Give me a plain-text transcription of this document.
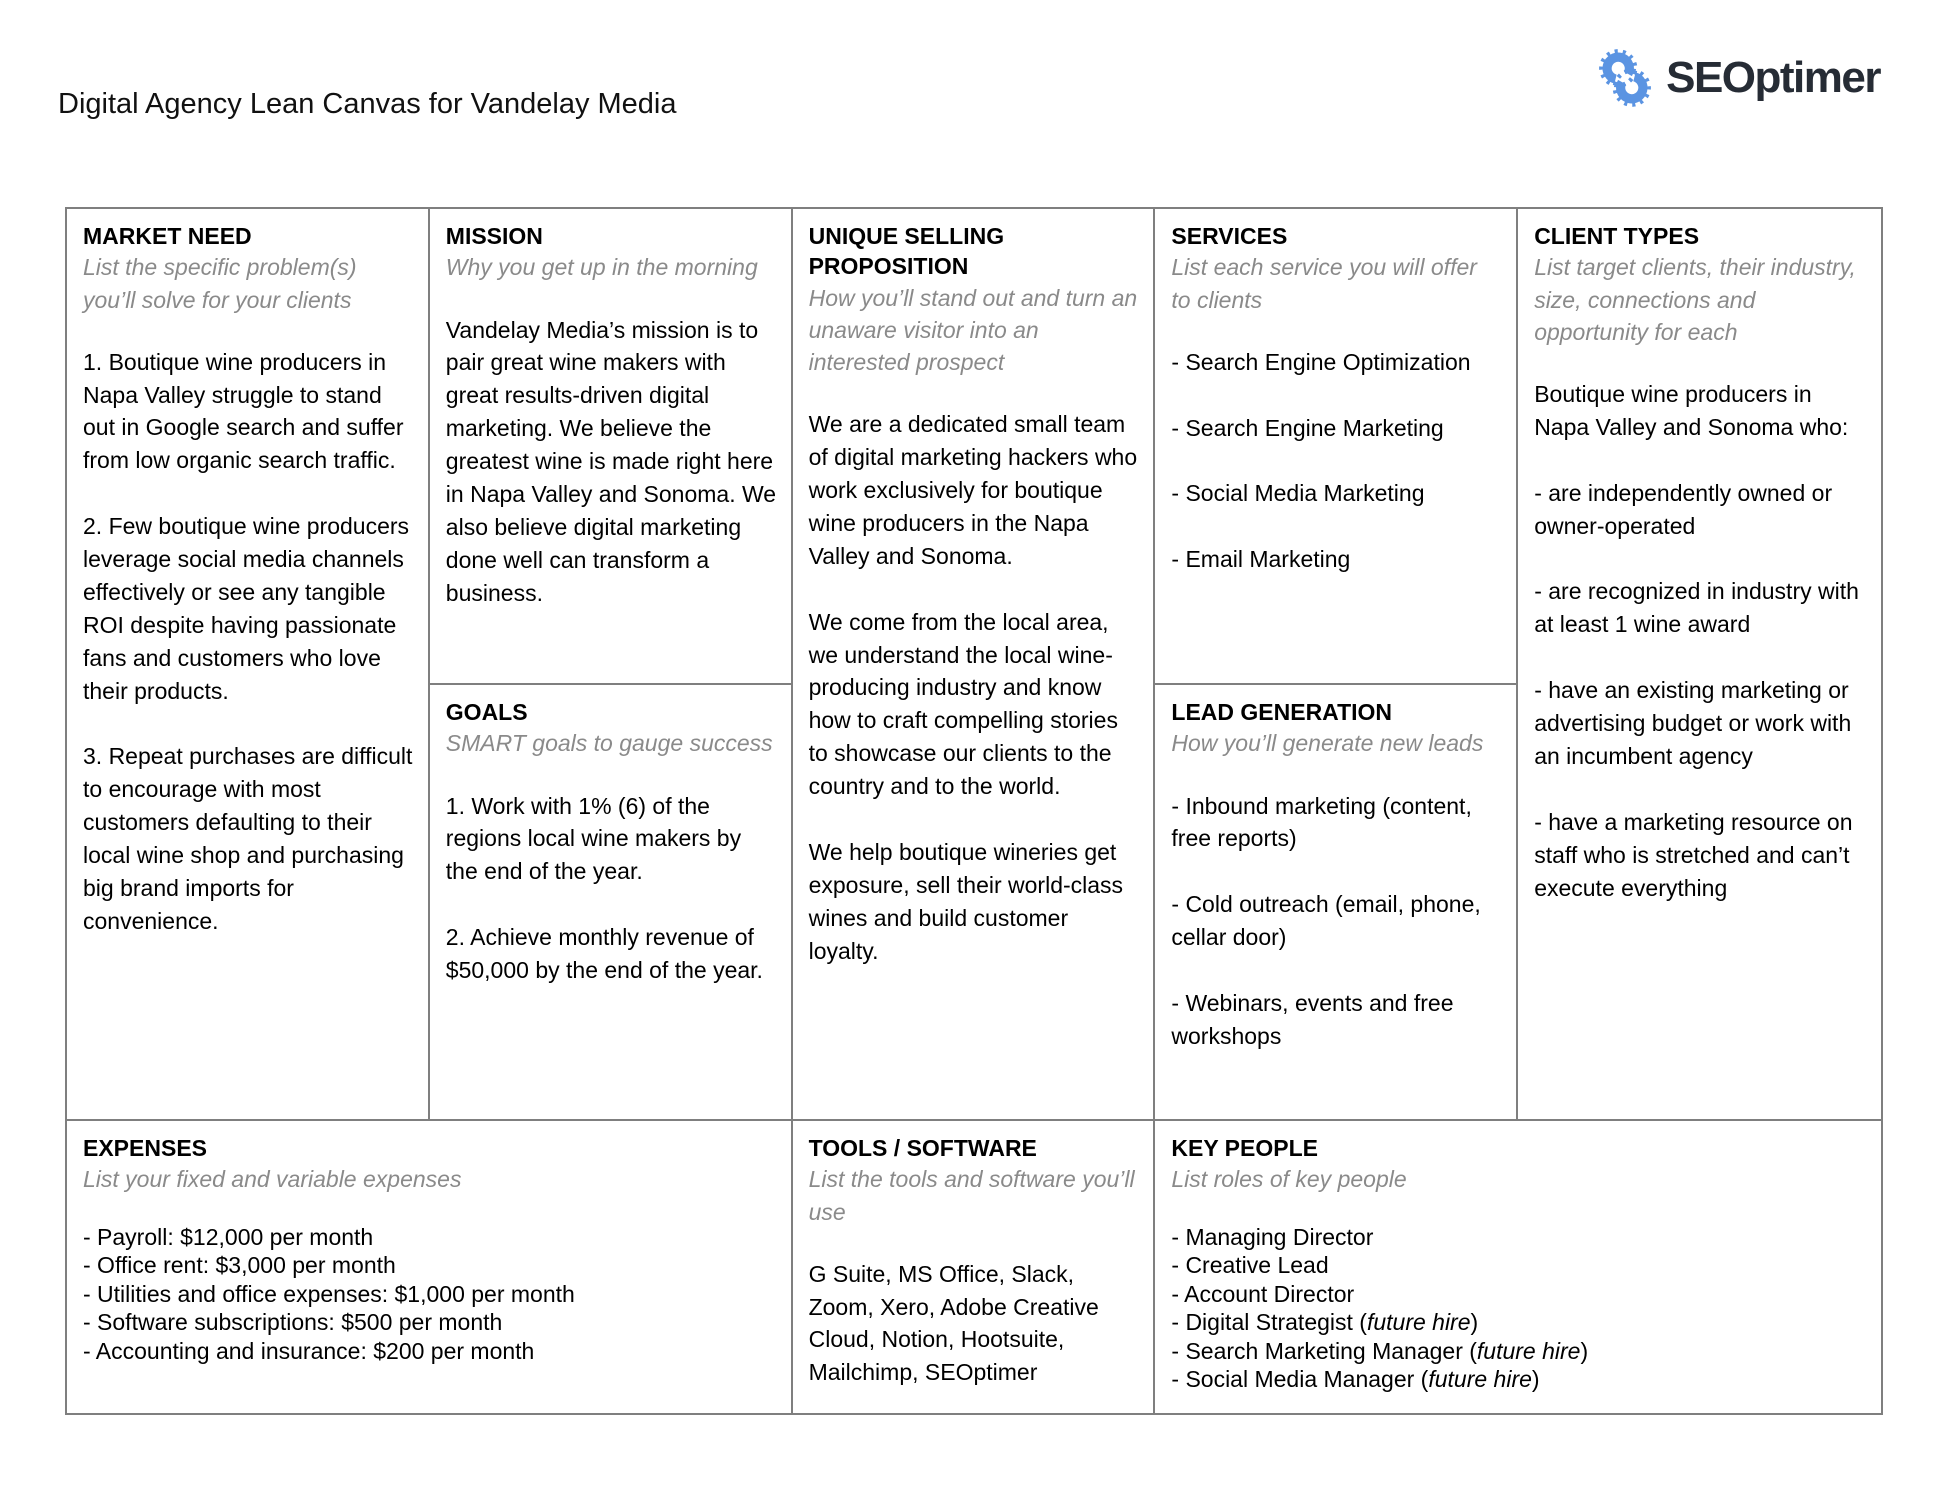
Digital Agency Lean Canvas for Vandelay Media
SEOptimer
MARKET NEED
List the specific problem(s) you’ll solve for your clients
1. Boutique wine producers in Napa Valley struggle to stand out in Google search and suffer from low organic search traffic.
2. Few boutique wine producers leverage social media channels effectively or see any tangible ROI despite having passionate fans and customers who love their products.
3. Repeat purchases are difficult to encourage with most customers defaulting to their local wine shop and purchasing big brand imports for convenience.
MISSION
Why you get up in the morning
Vandelay Media’s mission is to pair great wine makers with great results-driven digital marketing. We believe the greatest wine is made right here in Napa Valley and Sonoma. We also believe digital marketing done well can transform a business.
GOALS
SMART goals to gauge success
1. Work with 1% (6) of the regions local wine makers by the end of the year.
2. Achieve monthly revenue of $50,000 by the end of the year.
UNIQUE SELLING PROPOSITION
How you’ll stand out and turn an unaware visitor into an interested prospect
We are a dedicated small team of digital marketing hackers who work exclusively for boutique wine producers in the Napa Valley and Sonoma.
We come from the local area, we understand the local wine-producing industry and know how to craft compelling stories to showcase our clients to the country and to the world.
We help boutique wineries get exposure, sell their world-class wines and build customer loyalty.
SERVICES
List each service you will offer to clients
- Search Engine Optimization
- Search Engine Marketing
- Social Media Marketing
- Email Marketing
LEAD GENERATION
How you’ll generate new leads
- Inbound marketing (content, free reports)
- Cold outreach (email, phone, cellar door)
- Webinars, events and free workshops
CLIENT TYPES
List target clients, their industry, size, connections and opportunity for each
Boutique wine producers in Napa Valley and Sonoma who:
- are independently owned or owner-operated
- are recognized in industry with at least 1 wine award
- have an existing marketing or advertising budget or work with an incumbent agency
- have a marketing resource on staff who is stretched and can’t execute everything
EXPENSES
List your fixed and variable expenses
- Payroll: $12,000 per month
- Office rent: $3,000 per month
- Utilities and office expenses: $1,000 per month
- Software subscriptions: $500 per month
- Accounting and insurance: $200 per month
TOOLS / SOFTWARE
List the tools and software you’ll use
G Suite, MS Office, Slack, Zoom, Xero, Adobe Creative Cloud, Notion, Hootsuite, Mailchimp, SEOptimer
KEY PEOPLE
List roles of key people
- Managing Director
- Creative Lead
- Account Director
- Digital Strategist (future hire)
- Search Marketing Manager (future hire)
- Social Media Manager (future hire)
